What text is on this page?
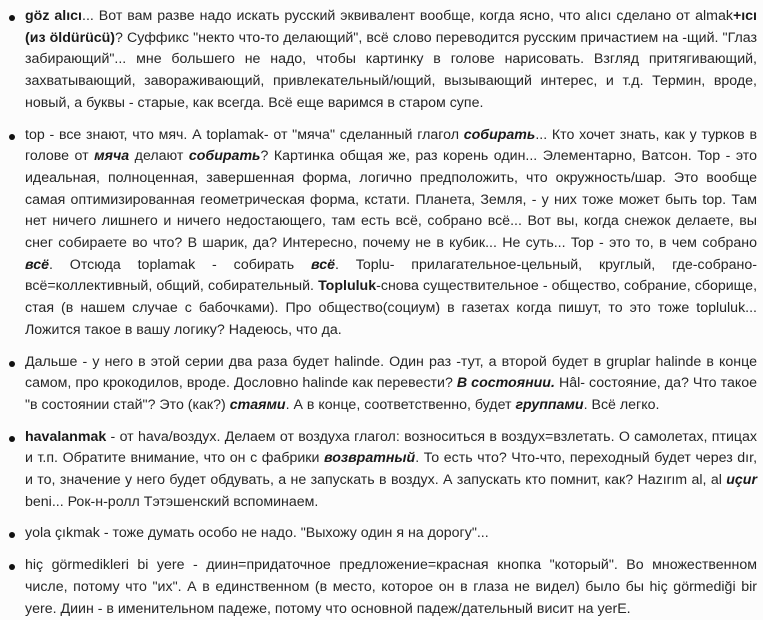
göz alıcı... Вот вам разве надо искать русский эквивалент вообще, когда ясно, что alıcı сделано от almak+ıcı (из öldürücü)? Суффикс "некто что-то делающий", всё слово переводится русским причастием на -щий. "Глаз забирающий"... мне большего не надо, чтобы картинку в голове нарисовать. Взгляд притягивающий, захватывающий, завораживающий, привлекательный/ющий, вызывающий интерес, и т.д. Термин, вроде, новый, а буквы - старые, как всегда. Всё еще варимся в старом супе.
top - все знают, что мяч. А toplamak- от "мяча" сделанный глагол собирать... Кто хочет знать, как у турков в голове от мяча делают собирать? Картинка общая же, раз корень один... Элементарно, Ватсон. Top - это идеальная, полноценная, завершенная форма, логично предположить, что окружность/шар. Это вообще самая оптимизированная геометрическая форма, кстати. Планета, Земля, - у них тоже может быть top. Там нет ничего лишнего и ничего недостающего, там есть всё, собрано всё... Вот вы, когда снежок делаете, вы снег собираете во что? В шарик, да? Интересно, почему не в кубик... Не суть... Top - это то, в чем собрано всё. Отсюда toplamak - собирать всё. Toplu- прилагательное-цельный, круглый, где-собрано-всё=коллективный, общий, собирательный. Topluluk-снова существительное - общество, собрание, сборище, стая (в нашем случае с бабочками). Про общество(социум) в газетах когда пишут, то это тоже topluluk... Ложится такое в вашу логику? Надеюсь, что да.
Дальше - у него в этой серии два раза будет halinde. Один раз -тут, а второй будет в gruplar halinde в конце самом, про крокодилов, вроде. Дословно halinde как перевести? В состоянии. Hâl- состояние, да? Что такое "в состоянии стай"? Это (как?) стаями. А в конце, соответственно, будет группами. Всё легко.
havalanmak - от hava/воздух. Делаем от воздуха глагол: возноситься в воздух=взлетать. О самолетах, птицах и т.п. Обратите внимание, что он с фабрики возвратный. То есть что? Что-что, переходный будет через dır, и то, значение у него будет обдувать, а не запускать в воздух. А запускать кто помнит, как? Hazırım al, al uçur beni... Рок-н-ролл Тэтэшенский вспоминаем.
yola çıkmak - тоже думать особо не надо. "Выхожу один я на дорогу"...
hiç görmedikleri bi yere - диин=придаточное предложение=красная кнопка "который". Во множественном числе, потому что "их". А в единственном (в место, которое он в глаза не видел) было бы hiç görmediği bir yere. Диин - в именительном падеже, потому что основной падеж/дательный висит на yerE.
